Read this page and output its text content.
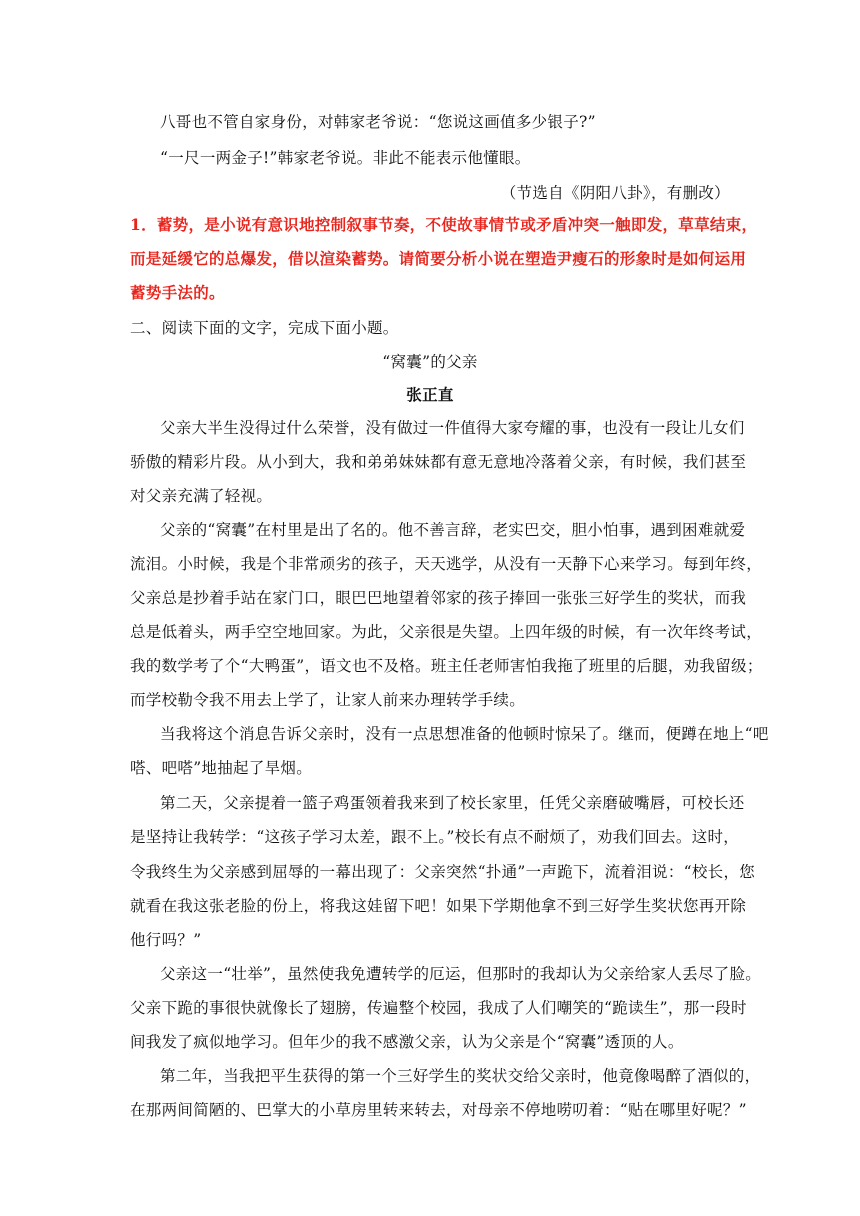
八哥也不管自家身份，对韩家老爷说：“您说这画值多少银子?”
“一尺一两金子!”韩家老爷说。非此不能表示他懂眼。
（节选自《阴阳八卦》，有删改）
1．蓄势，是小说有意识地控制叙事节奏，不使故事情节或矛盾冲突一触即发，草草结束，
而是延缓它的总爆发，借以渲染蓄势。请简要分析小说在塑造尹瘦石的形象时是如何运用
蓄势手法的。
二、阅读下面的文字，完成下面小题。
“窝囊”的父亲
张正直
父亲大半生没得过什么荣誉，没有做过一件值得大家夸耀的事，也没有一段让儿女们
骄傲的精彩片段。从小到大，我和弟弟妹妹都有意无意地冷落着父亲，有时候，我们甚至
对父亲充满了轻视。
父亲的“窝囊”在村里是出了名的。他不善言辞，老实巴交，胆小怕事，遇到困难就爱
流泪。小时候，我是个非常顽劣的孩子，天天逃学，从没有一天静下心来学习。每到年终，
父亲总是抄着手站在家门口，眼巴巴地望着邻家的孩子捧回一张张三好学生的奖状，而我
总是低着头，两手空空地回家。为此，父亲很是失望。上四年级的时候，有一次年终考试，
我的数学考了个“大鸭蛋”，语文也不及格。班主任老师害怕我拖了班里的后腿，劝我留级；
而学校勒令我不用去上学了，让家人前来办理转学手续。
当我将这个消息告诉父亲时，没有一点思想准备的他顿时惊呆了。继而，便蹲在地上“吧
嗒、吧嗒”地抽起了旱烟。
第二天，父亲提着一篮子鸡蛋领着我来到了校长家里，任凭父亲磨破嘴唇，可校长还
是坚持让我转学：“这孩子学习太差，跟不上。”校长有点不耐烦了，劝我们回去。这时，
令我终生为父亲感到屈辱的一幕出现了：父亲突然“扑通”一声跪下，流着泪说：“校长，您
就看在我这张老脸的份上，将我这娃留下吧！如果下学期他拿不到三好学生奖状您再开除
他行吗？”
父亲这一“壮举”，虽然使我免遭转学的厄运，但那时的我却认为父亲给家人丢尽了脸。
父亲下跪的事很快就像长了翅膀，传遍整个校园，我成了人们嘲笑的“跪读生”，那一段时
间我发了疯似地学习。但年少的我不感激父亲，认为父亲是个“窝囊”透顶的人。
第二年，当我把平生获得的第一个三好学生的奖状交给父亲时，他竟像喝醉了酒似的，
在那两间简陋的、巴掌大的小草房里转来转去，对母亲不停地唠叨着：“贴在哪里好呢？”
